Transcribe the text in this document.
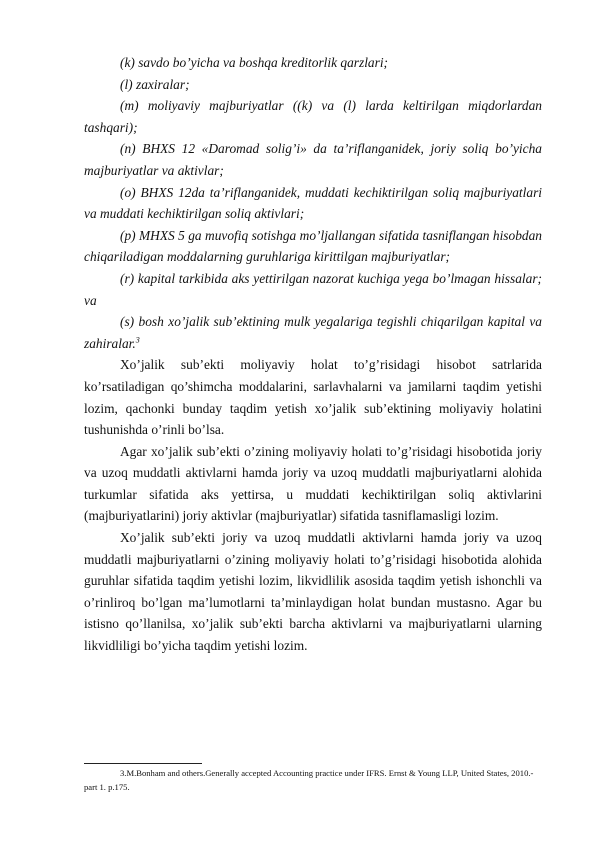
(k) savdo bo’yicha va boshqa kreditorlik qarzlari;

(l) zaxiralar;

(m) moliyaviy majburiyatlar ((k) va (l) larda keltirilgan miqdorlardan tashqari);

(n) BHXS 12 «Daromad solig’i» da ta’riflanganidek, joriy soliq bo’yicha majburiyatlar va aktivlar;

(o) BHXS 12da ta’riflanganidek, muddati kechiktirilgan soliq majburiyatlari va muddati kechiktirilgan soliq aktivlari;

(p) MHXS 5 ga muvofiq sotishga mo’ljallangan sifatida tasniflangan hisobdan chiqariladigan moddalarning guruhlariga kirittilgan majburiyatlar;

(r) kapital tarkibida aks yettirilgan nazorat kuchiga yega bo’lmagan hissalar; va

(s) bosh xo’jalik sub’ektining mulk yegalariga tegishli chiqarilgan kapital va zahiralar.$^3$

Xo’jalik sub’ekti moliyaviy holat to’g’risidagi hisobot satrlarida ko’rsatiladigan qo’shimcha moddalarini, sarlavhalarni va jamilarni taqdim yetishi lozim, qachonki bunday taqdim yetish xo’jalik sub’ektining moliyaviy holatini tushunishda o’rinli bo’lsa.

Agar xo’jalik sub’ekti o’zining moliyaviy holati to’g’risidagi hisobotida joriy va uzoq muddatli aktivlarni hamda joriy va uzoq muddatli majburiyatlarni alohida turkumlar sifatida aks yettirsa, u muddati kechiktirilgan soliq aktivlarini (majburiyatlarini) joriy aktivlar (majburiyatlar) sifatida tasniflamasligi lozim.

Xo’jalik sub’ekti joriy va uzoq muddatli aktivlarni hamda joriy va uzoq muddatli majburiyatlarni o’zining moliyaviy holati to’g’risidagi hisobotida alohida guruhlar sifatida taqdim yetishi lozim, likvidlilik asosida taqdim yetish ishonchli va o’rinliroq bo’lgan ma’lumotlarni ta’minlaydigan holat bundan mustasno. Agar bu istisno qo’llanilsa, xo’jalik sub’ekti barcha aktivlarni va majburiyatlarni ularning likvidliligi bo’yicha taqdim yetishi lozim.

3.M.Bonham and others.Generally accepted Accounting practice under IFRS. Ernst & Young LLP, United States, 2010.- part 1. p.175.
